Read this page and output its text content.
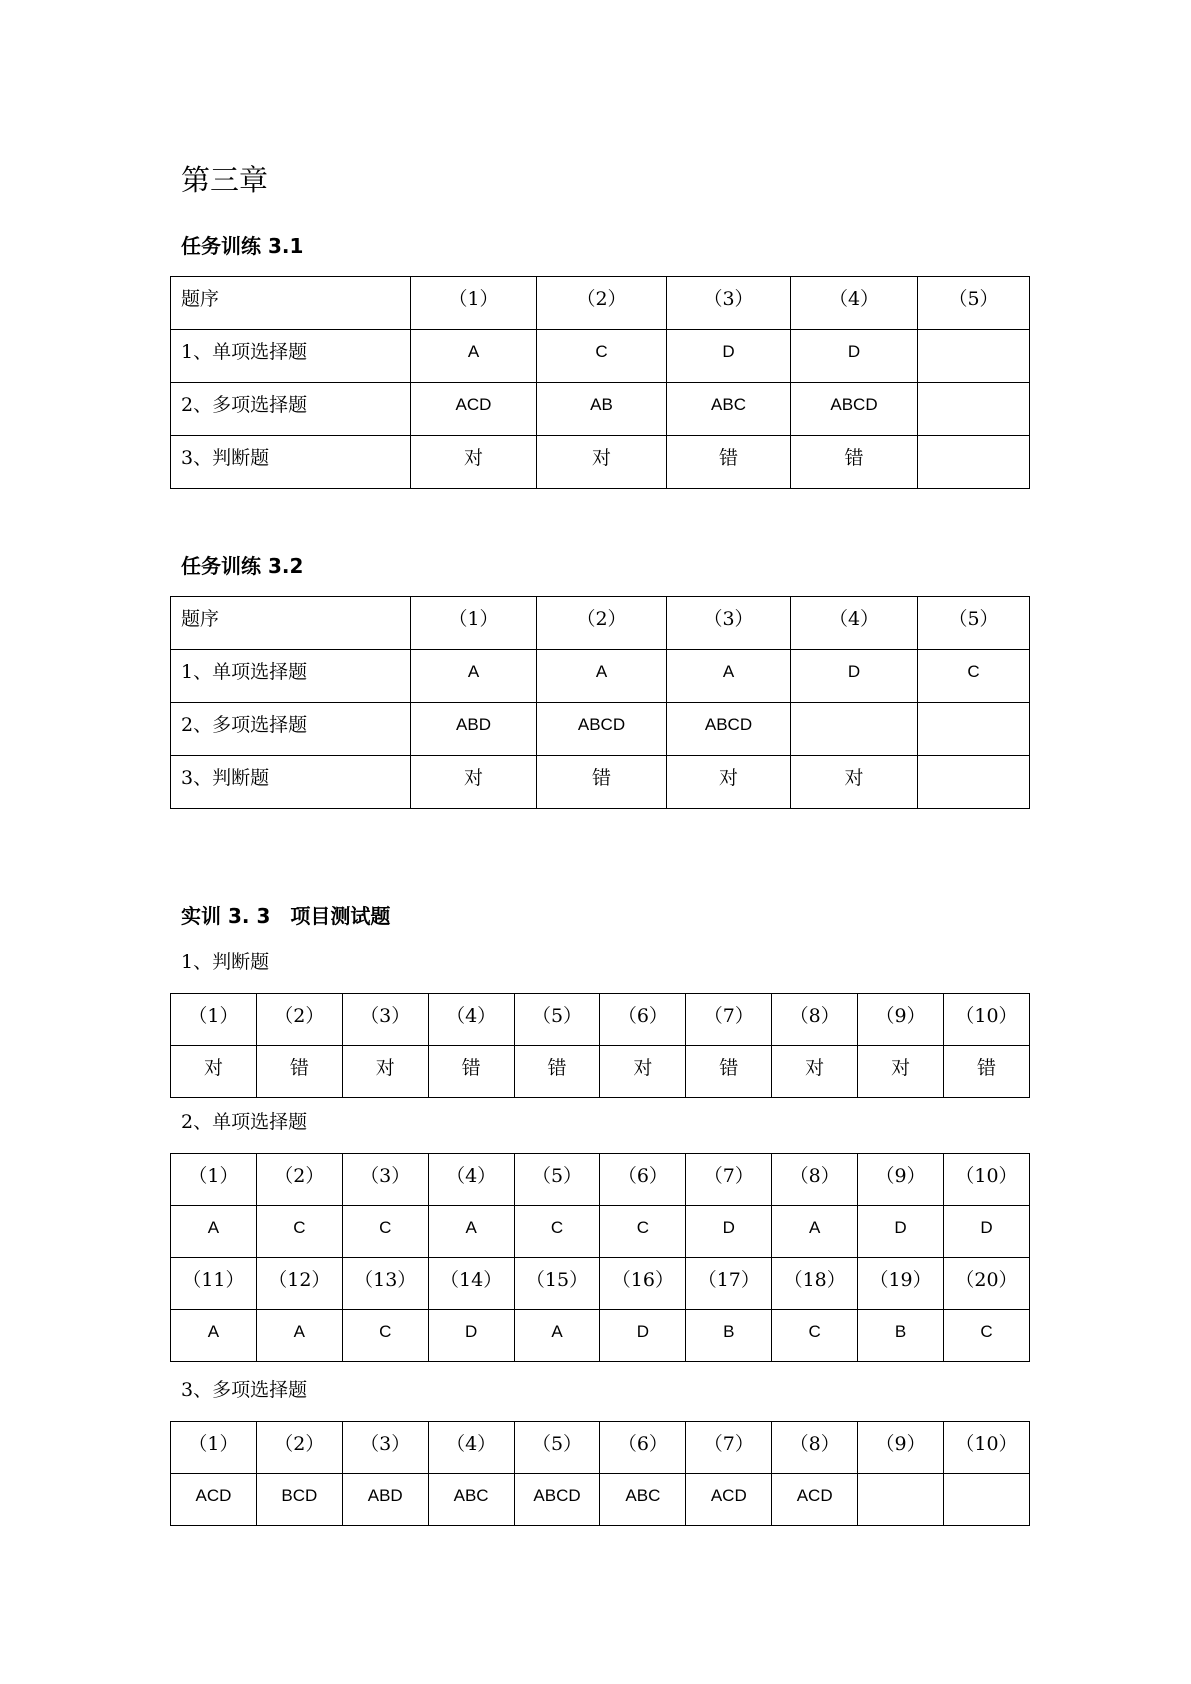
第三章
任务训练 3.1
题序	（1）	（2）	（3）	（4）	（5）

1、单项选择题	A	C	D	D	

2、多项选择题	ACD	AB	ABC	ABCD	

3、判断题	对	对	错	错	

任务训练 3.2
题序	（1）	（2）	（3）	（4）	（5）

1、单项选择题	A	A	A	D	C

2、多项选择题	ABD	ABCD	ABCD		

3、判断题	对	错	对	对	

实训 3. 3　项目测试题
1、判断题
（1）	（2）	（3）	（4）	（5）	（6）	（7）	（8）	（9）	（10）

对	错	对	错	错	对	错	对	对	错
2、单项选择题
（1）	（2）	（3）	（4）	（5）	（6）	（7）	（8）	（9）	（10）

A	C	C	A	C	C	D	A	D	D

（11）	（12）	（13）	（14）	（15）	（16）	（17）	（18）	（19）	（20）

A	A	C	D	A	D	B	C	B	C
3、多项选择题
（1）	（2）	（3）	（4）	（5）	（6）	（7）	（8）	（9）	（10）

ACD	BCD	ABD	ABC	ABCD	ABC	ACD	ACD		
